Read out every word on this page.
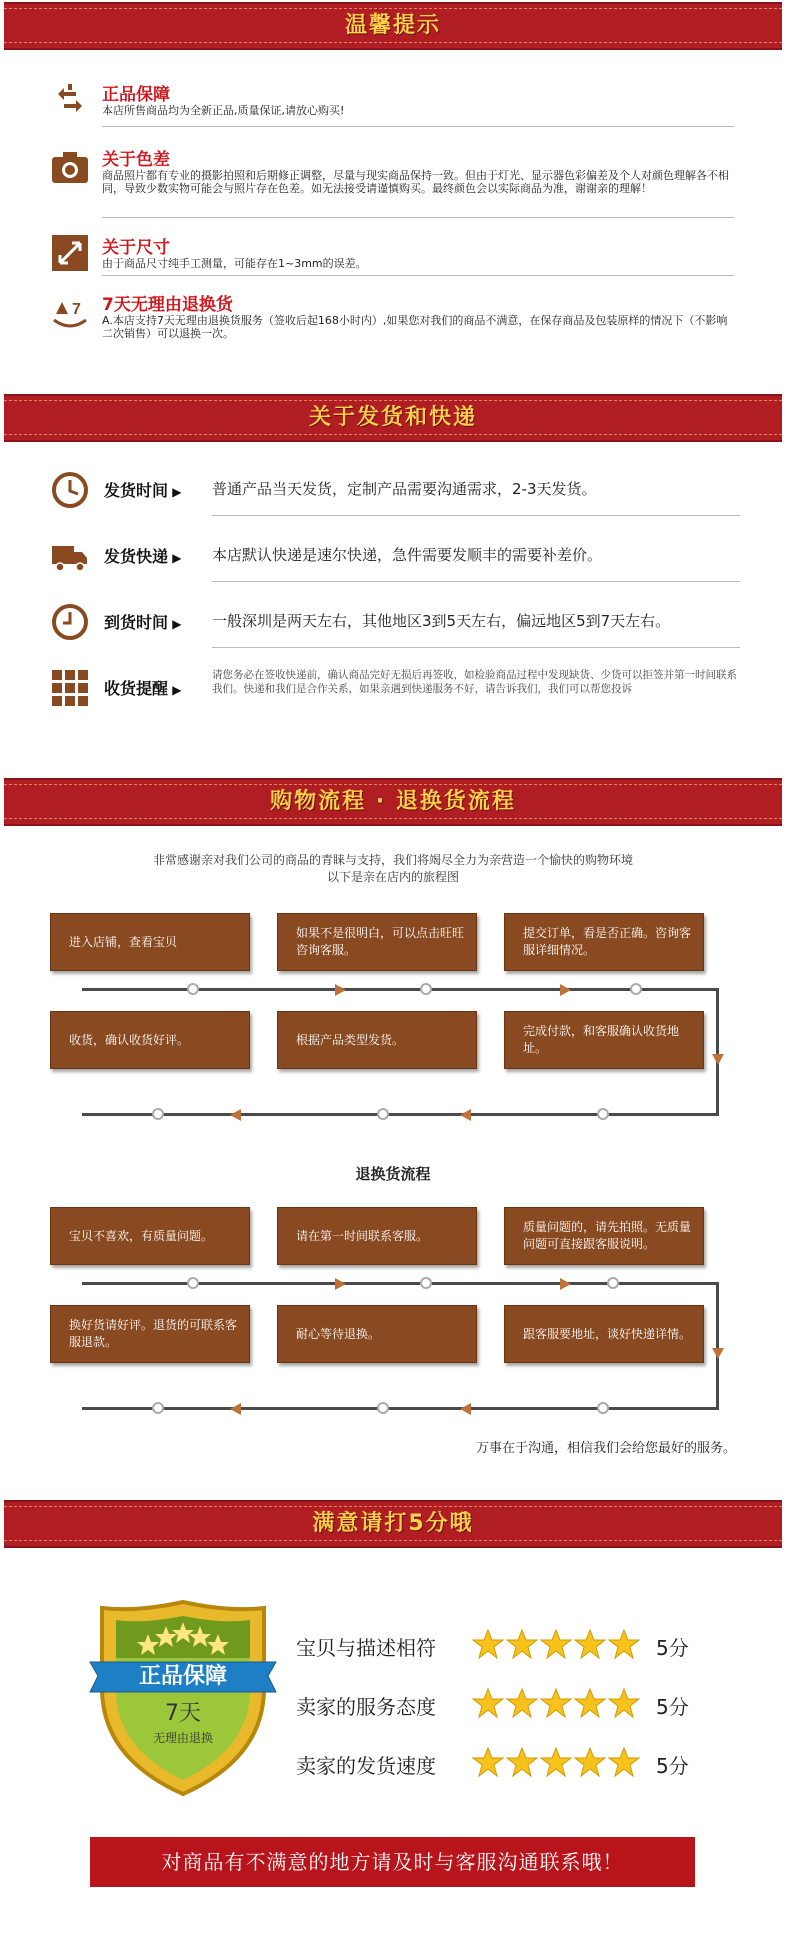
温馨提示
正品保障
本店所售商品均为全新正品,质量保证,请放心购买!
关于色差
商品照片都有专业的摄影拍照和后期修正调整，尽量与现实商品保持一致。但由于灯光、显示器色彩偏差及个人对颜色理解各不相同，导致少数实物可能会与照片存在色差。如无法接受请谨慎购买。最终颜色会以实际商品为准，谢谢亲的理解！
关于尺寸
由于商品尺寸纯手工测量，可能存在1~3mm的误差。
7 7天无理由退换货
A.本店支持7天无理由退换货服务（签收后起168小时内）,如果您对我们的商品不满意，在保存商品及包装原样的情况下（不影响二次销售）可以退换一次。
关于发货和快递
发货时间 ▶	普通产品当天发货，定制产品需要沟通需求，2-3天发货。
发货快递 ▶	本店默认快递是速尔快递，急件需要发顺丰的需要补差价。
到货时间 ▶	一般深圳是两天左右，其他地区3到5天左右，偏远地区5到7天左右。
收货提醒 ▶
请您务必在签收快递前，确认商品完好无损后再签收，如检验商品过程中发现缺货、少货可以拒签并第一时间联系我们。快递和我们是合作关系，如果亲遇到快递服务不好，请告诉我们，我们可以帮您投诉
购物流程 · 退换货流程
非常感谢亲对我们公司的商品的青睐与支持，我们将竭尽全力为亲营造一个愉快的购物环境
以下是亲在店内的旅程图
进入店铺，查看宝贝
如果不是很明白，可以点击旺旺咨询客服。
提交订单，看是否正确。咨询客服详细情况。
收货，确认收货好评。	根据产品类型发货。
完成付款，和客服确认收货地址。
退换货流程
宝贝不喜欢，有质量问题。	请在第一时间联系客服。
质量问题的，请先拍照。无质量问题可直接跟客服说明。
换好货请好评。退货的可联系客服退款。
耐心等待退换。	跟客服要地址，谈好快递详情。
万事在于沟通，相信我们会给您最好的服务。
满意请打5分哦
正品保障
7天
无理由退换
宝贝与描述相符	5分
卖家的服务态度	5分
卖家的发货速度	5分
对商品有不满意的地方请及时与客服沟通联系哦！
